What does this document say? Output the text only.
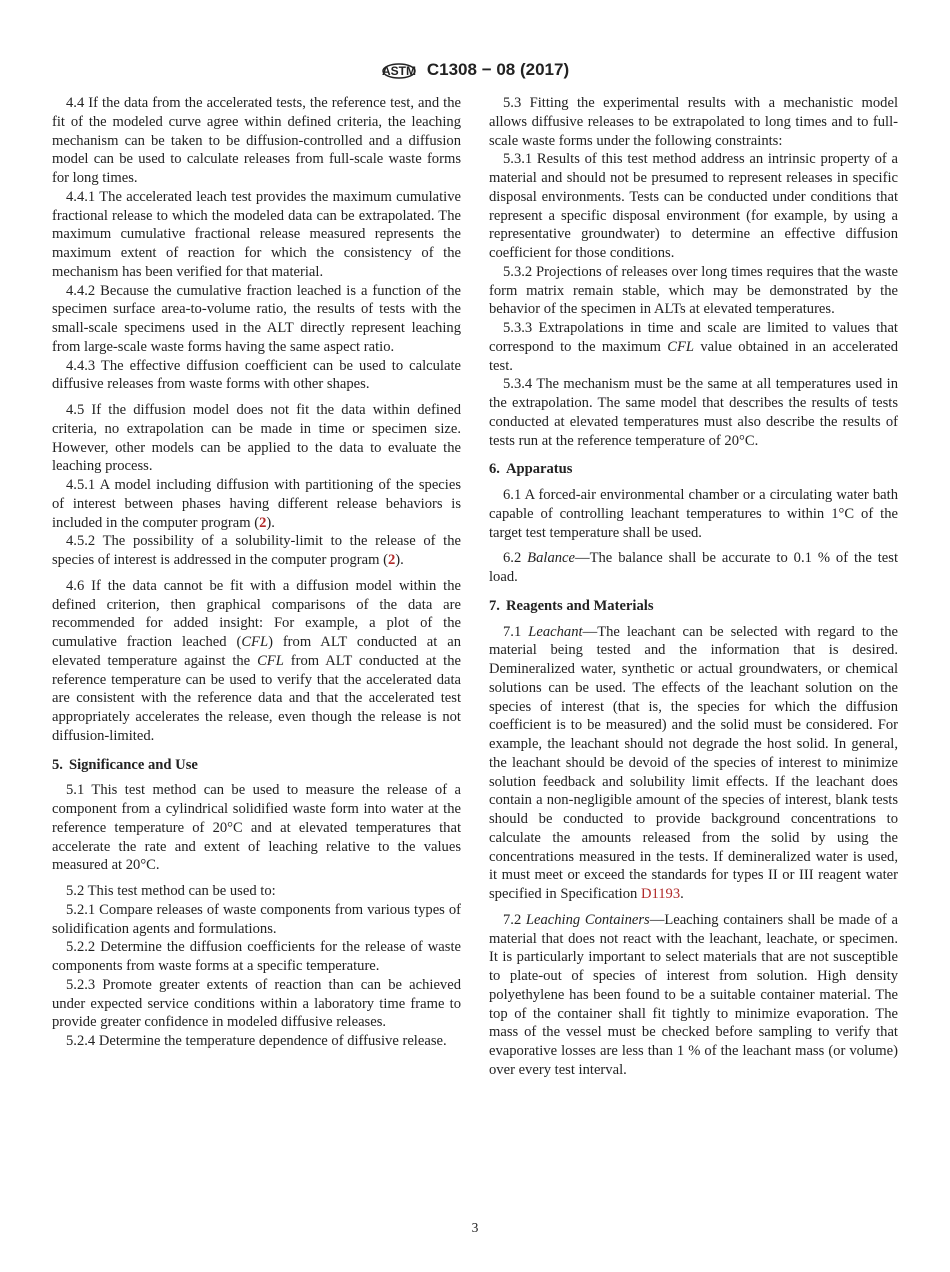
ASTM C1308 − 08 (2017)

4.4 If the data from the accelerated tests, the reference test, and the fit of the modeled curve agree within defined criteria, the leaching mechanism can be taken to be diffusion-controlled and a diffusion model can be used to calculate releases from full-scale waste forms for long times.

4.4.1 The accelerated leach test provides the maximum cumulative fractional release to which the modeled data can be extrapolated. The maximum cumulative fractional release measured represents the maximum extent of reaction for which the consistency of the mechanism has been verified for that material.

4.4.2 Because the cumulative fraction leached is a function of the specimen surface area-to-volume ratio, the results of tests with the small-scale specimens used in the ALT directly represent leaching from large-scale waste forms having the same aspect ratio.

4.4.3 The effective diffusion coefficient can be used to calculate diffusive releases from waste forms with other shapes.

4.5 If the diffusion model does not fit the data within defined criteria, no extrapolation can be made in time or specimen size. However, other models can be applied to the data to evaluate the leaching process.

4.5.1 A model including diffusion with partitioning of the species of interest between phases having different release behaviors is included in the computer program (2).

4.5.2 The possibility of a solubility-limit to the release of the species of interest is addressed in the computer program (2).

4.6 If the data cannot be fit with a diffusion model within the defined criterion, then graphical comparisons of the data are recommended for added insight: For example, a plot of the cumulative fraction leached (CFL) from ALT conducted at an elevated temperature against the CFL from ALT conducted at the reference temperature can be used to verify that the accelerated data are consistent with the reference data and that the accelerated test appropriately accelerates the release, even though the release is not diffusion-limited.

5. Significance and Use

5.1 This test method can be used to measure the release of a component from a cylindrical solidified waste form into water at the reference temperature of 20°C and at elevated temperatures that accelerate the rate and extent of leaching relative to the values measured at 20°C.

5.2 This test method can be used to:

5.2.1 Compare releases of waste components from various types of solidification agents and formulations.

5.2.2 Determine the diffusion coefficients for the release of waste components from waste forms at a specific temperature.

5.2.3 Promote greater extents of reaction than can be achieved under expected service conditions within a laboratory time frame to provide greater confidence in modeled diffusive releases.

5.2.4 Determine the temperature dependence of diffusive release.

5.3 Fitting the experimental results with a mechanistic model allows diffusive releases to be extrapolated to long times and to full-scale waste forms under the following constraints:

5.3.1 Results of this test method address an intrinsic property of a material and should not be presumed to represent releases in specific disposal environments. Tests can be conducted under conditions that represent a specific disposal environment (for example, by using a representative groundwater) to determine an effective diffusion coefficient for those conditions.

5.3.2 Projections of releases over long times requires that the waste form matrix remain stable, which may be demonstrated by the behavior of the specimen in ALTs at elevated temperatures.

5.3.3 Extrapolations in time and scale are limited to values that correspond to the maximum CFL value obtained in an accelerated test.

5.3.4 The mechanism must be the same at all temperatures used in the extrapolation. The same model that describes the results of tests conducted at elevated temperatures must also describe the results of tests run at the reference temperature of 20°C.

6. Apparatus

6.1 A forced-air environmental chamber or a circulating water bath capable of controlling leachant temperatures to within 1°C of the target test temperature shall be used.

6.2 Balance—The balance shall be accurate to 0.1 % of the test load.

7. Reagents and Materials

7.1 Leachant—The leachant can be selected with regard to the material being tested and the information that is desired. Demineralized water, synthetic or actual groundwaters, or chemical solutions can be used. The effects of the leachant solution on the species of interest (that is, the species for which the diffusion coefficient is to be measured) and the solid must be considered. For example, the leachant should not degrade the host solid. In general, the leachant should be devoid of the species of interest to minimize solution feedback and solubility limit effects. If the leachant does contain a non-negligible amount of the species of interest, blank tests should be conducted to provide background concentrations to calculate the amounts released from the solid by using the concentrations measured in the tests. If demineralized water is used, it must meet or exceed the standards for types II or III reagent water specified in Specification D1193.

7.2 Leaching Containers—Leaching containers shall be made of a material that does not react with the leachant, leachate, or specimen. It is particularly important to select materials that are not susceptible to plate-out of species of interest from solution. High density polyethylene has been found to be a suitable container material. The top of the container shall fit tightly to minimize evaporation. The mass of the vessel must be checked before sampling to verify that evaporative losses are less than 1 % of the leachant mass (or volume) over every test interval.

3
